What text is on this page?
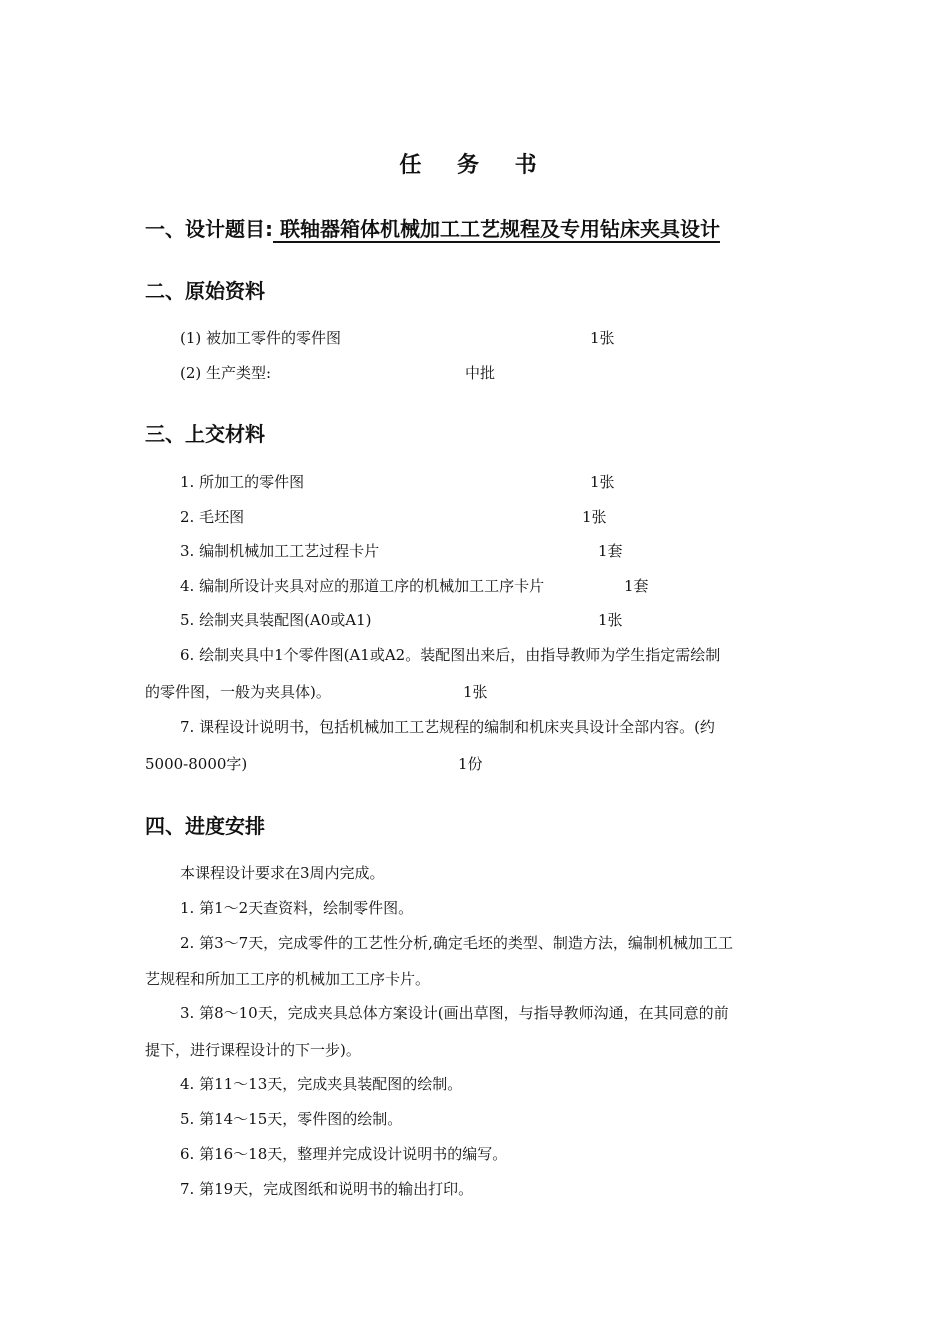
任 务 书
一、设计题目: 联轴器箱体机械加工工艺规程及专用钻床夹具设计
二、原始资料
(1) 被加工零件的零件图	1张
(2) 生产类型:	中批
三、上交材料
1. 所加工的零件图	1张
2. 毛坯图	1张
3. 编制机械加工工艺过程卡片	1套
4. 编制所设计夹具对应的那道工序的机械加工工序卡片	1套
5. 绘制夹具装配图(A0或A1)	1张
6. 绘制夹具中1个零件图(A1或A2。装配图出来后，由指导教师为学生指定需绘制
的零件图，一般为夹具体)。	1张
7. 课程设计说明书，包括机械加工工艺规程的编制和机床夹具设计全部内容。(约
5000-8000字)	1份
四、进度安排
本课程设计要求在3周内完成。
1. 第1～2天查资料，绘制零件图。
2. 第3～7天，完成零件的工艺性分析,确定毛坯的类型、制造方法，编制机械加工工
艺规程和所加工工序的机械加工工序卡片。
3. 第8～10天，完成夹具总体方案设计(画出草图，与指导教师沟通，在其同意的前
提下，进行课程设计的下一步)。
4. 第11～13天，完成夹具装配图的绘制。
5. 第14～15天，零件图的绘制。
6. 第16～18天，整理并完成设计说明书的编写。
7. 第19天，完成图纸和说明书的输出打印。
